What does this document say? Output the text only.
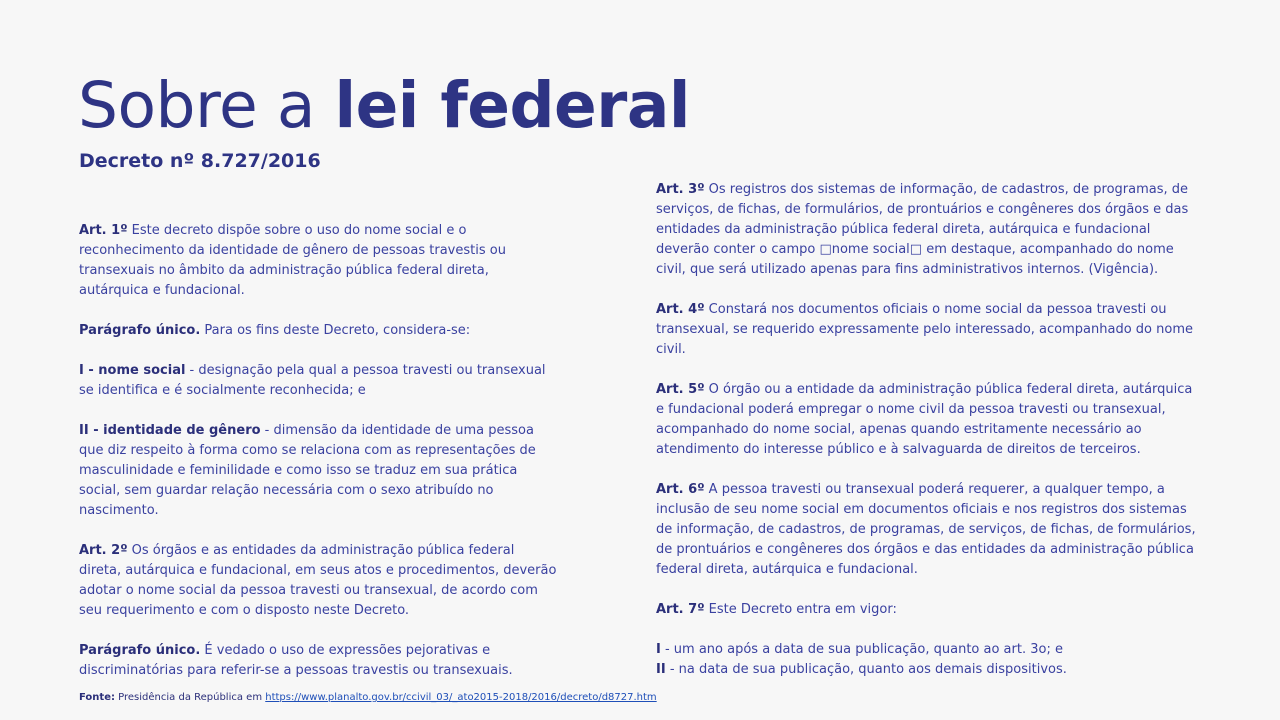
Sobre a lei federal
Decreto nº 8.727/2016

Art. 1º Este decreto dispõe sobre o uso do nome social e o reconhecimento da identidade de gênero de pessoas travestis ou transexuais no âmbito da administração pública federal direta, autárquica e fundacional.

Parágrafo único. Para os fins deste Decreto, considera-se:

I - nome social - designação pela qual a pessoa travesti ou transexual se identifica e é socialmente reconhecida; e

II - identidade de gênero - dimensão da identidade de uma pessoa que diz respeito à forma como se relaciona com as representações de masculinidade e feminilidade e como isso se traduz em sua prática social, sem guardar relação necessária com o sexo atribuído no nascimento.

Art. 2º Os órgãos e as entidades da administração pública federal direta, autárquica e fundacional, em seus atos e procedimentos, deverão adotar o nome social da pessoa travesti ou transexual, de acordo com seu requerimento e com o disposto neste Decreto.

Parágrafo único. É vedado o uso de expressões pejorativas e discriminatórias para referir-se a pessoas travestis ou transexuais.

Art. 3º Os registros dos sistemas de informação, de cadastros, de programas, de serviços, de fichas, de formulários, de prontuários e congêneres dos órgãos e das entidades da administração pública federal direta, autárquica e fundacional deverão conter o campo □nome social□ em destaque, acompanhado do nome civil, que será utilizado apenas para fins administrativos internos. (Vigência).

Art. 4º Constará nos documentos oficiais o nome social da pessoa travesti ou transexual, se requerido expressamente pelo interessado, acompanhado do nome civil.

Art. 5º O órgão ou a entidade da administração pública federal direta, autárquica e fundacional poderá empregar o nome civil da pessoa travesti ou transexual, acompanhado do nome social, apenas quando estritamente necessário ao atendimento do interesse público e à salvaguarda de direitos de terceiros.

Art. 6º A pessoa travesti ou transexual poderá requerer, a qualquer tempo, a inclusão de seu nome social em documentos oficiais e nos registros dos sistemas de informação, de cadastros, de programas, de serviços, de fichas, de formulários, de prontuários e congêneres dos órgãos e das entidades da administração pública federal direta, autárquica e fundacional.

Art. 7º Este Decreto entra em vigor:

I - um ano após a data de sua publicação, quanto ao art. 3o; e
II - na data de sua publicação, quanto aos demais dispositivos.

Fonte: Presidência da República em https://www.planalto.gov.br/ccivil_03/_ato2015-2018/2016/decreto/d8727.htm
